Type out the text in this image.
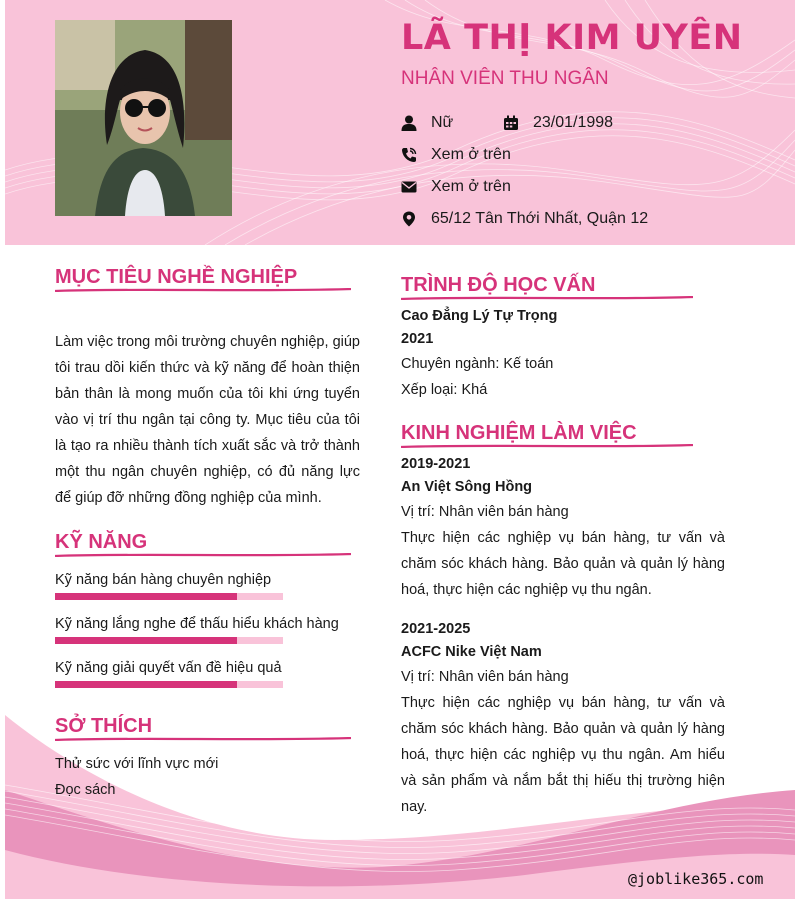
LÃ THỊ KIM UYÊN
NHÂN VIÊN THU NGÂN
Nữ	23/01/1998
Xem ở trên
Xem ở trên
65/12 Tân Thới Nhất, Quận 12
MỤC TIÊU NGHỀ NGHIỆP
Làm việc trong môi trường chuyên nghiệp, giúp tôi trau dồi kiến thức và kỹ năng để hoàn thiện bản thân là mong muốn của tôi khi ứng tuyển vào vị trí thu ngân tại công ty. Mục tiêu của tôi là tạo ra nhiều thành tích xuất sắc và trở thành một thu ngân chuyên nghiệp, có đủ năng lực để giúp đỡ những đồng nghiệp của mình.
KỸ NĂNG
Kỹ năng bán hàng chuyên nghiệp
Kỹ năng lắng nghe để thấu hiểu khách hàng
Kỹ năng giải quyết vấn đề hiệu quả
SỞ THÍCH
Thử sức với lĩnh vực mới
Đọc sách
TRÌNH ĐỘ HỌC VẤN
Cao Đẳng Lý Tự Trọng
2021
Chuyên ngành: Kế toán
Xếp loại: Khá
KINH NGHIỆM LÀM VIỆC
2019-2021
An Việt Sông Hồng
Vị trí: Nhân viên bán hàng
Thực hiện các nghiệp vụ bán hàng, tư vấn và chăm sóc khách hàng. Bảo quản và quản lý hàng hoá, thực hiện các nghiệp vụ thu ngân.
2021-2025
ACFC Nike Việt Nam
Vị trí: Nhân viên bán hàng
Thực hiện các nghiệp vụ bán hàng, tư vấn và chăm sóc khách hàng. Bảo quản và quản lý hàng hoá, thực hiện các nghiệp vụ thu ngân. Am hiểu và sản phẩm và nắm bắt thị hiếu thị trường hiện nay.
@joblike365.com
